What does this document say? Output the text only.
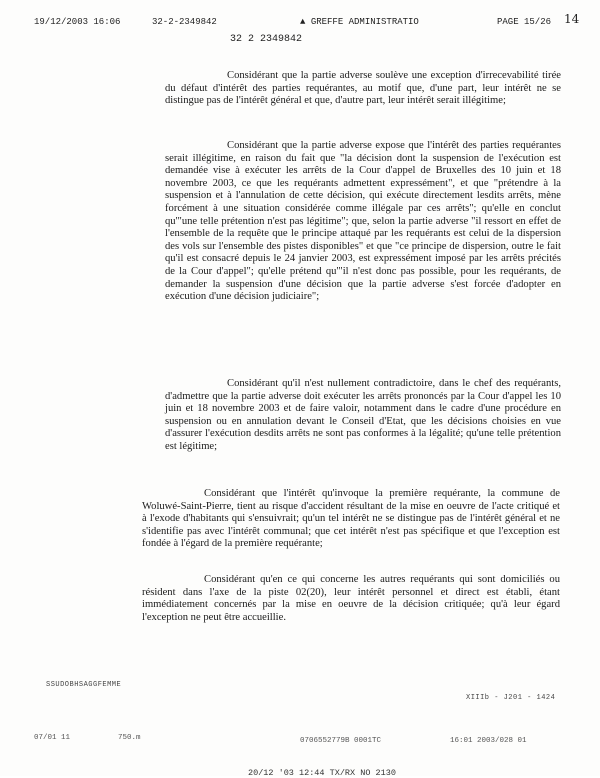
19/12/2003 16:06	32-2-2349842	▲ GREFFE ADMINISTRATIO	PAGE 15/26 14
32 2 2349842

Considérant que la partie adverse soulève une exception d'irrecevabilité tirée du défaut d'intérêt des parties requérantes, au motif que, d'une part, leur intérêt ne se distingue pas de l'intérêt général et que, d'autre part, leur intérêt serait illégitime;

Considérant que la partie adverse expose que l'intérêt des parties requérantes serait illégitime, en raison du fait que "la décision dont la suspension de l'exécution est demandée vise à exécuter les arrêts de la Cour d'appel de Bruxelles des 10 juin et 18 novembre 2003, ce que les requérants admettent expressément", et que "prétendre à la suspension et à l'annulation de cette décision, qui exécute directement lesdits arrêts, mène forcément à une situation considérée comme illégale par ces arrêts"; qu'elle en conclut qu'"une telle prétention n'est pas légitime"; que, selon la partie adverse "il ressort en effet de l'ensemble de la requête que le principe attaqué par les requérants est celui de la dispersion des vols sur l'ensemble des pistes disponibles" et que "ce principe de dispersion, outre le fait qu'il est consacré depuis le 24 janvier 2003, est expressément imposé par les arrêts précités de la Cour d'appel"; qu'elle prétend qu'"il n'est donc pas possible, pour les requérants, de demander la suspension d'une décision que la partie adverse s'est forcée d'adopter en exécution d'une décision judiciaire";

Considérant qu'il n'est nullement contradictoire, dans le chef des requérants, d'admettre que la partie adverse doit exécuter les arrêts prononcés par la Cour d'appel les 10 juin et 18 novembre 2003 et de faire valoir, notamment dans le cadre d'une procédure en suspension ou en annulation devant le Conseil d'Etat, que les décisions choisies en vue d'assurer l'exécution desdits arrêts ne sont pas conformes à la légalité; qu'une telle prétention est légitime;

Considérant que l'intérêt qu'invoque la première requérante, la commune de Woluwé-Saint-Pierre, tient au risque d'accident résultant de la mise en oeuvre de l'acte critiqué et à l'exode d'habitants qui s'ensuivrait; qu'un tel intérêt ne se distingue pas de l'intérêt général et ne s'identifie pas avec l'intérêt communal; que cet intérêt n'est pas spécifique et que l'exception est fondée à l'égard de la première requérante;

Considérant qu'en ce qui concerne les autres requérants qui sont domiciliés ou résident dans l'axe de la piste 02(20), leur intérêt personnel et direct est établi, étant immédiatement concernés par la mise en oeuvre de la décision critiquée; qu'à leur égard l'exception ne peut être accueillie.

SSUDOBHSAGGFEMME
XIIIb - J201 - 1424
07/01 11	750.m	0706552779B 0001TC	16:01 2003/028 01
20/12 '03 12:44 TX/RX NO 2130
